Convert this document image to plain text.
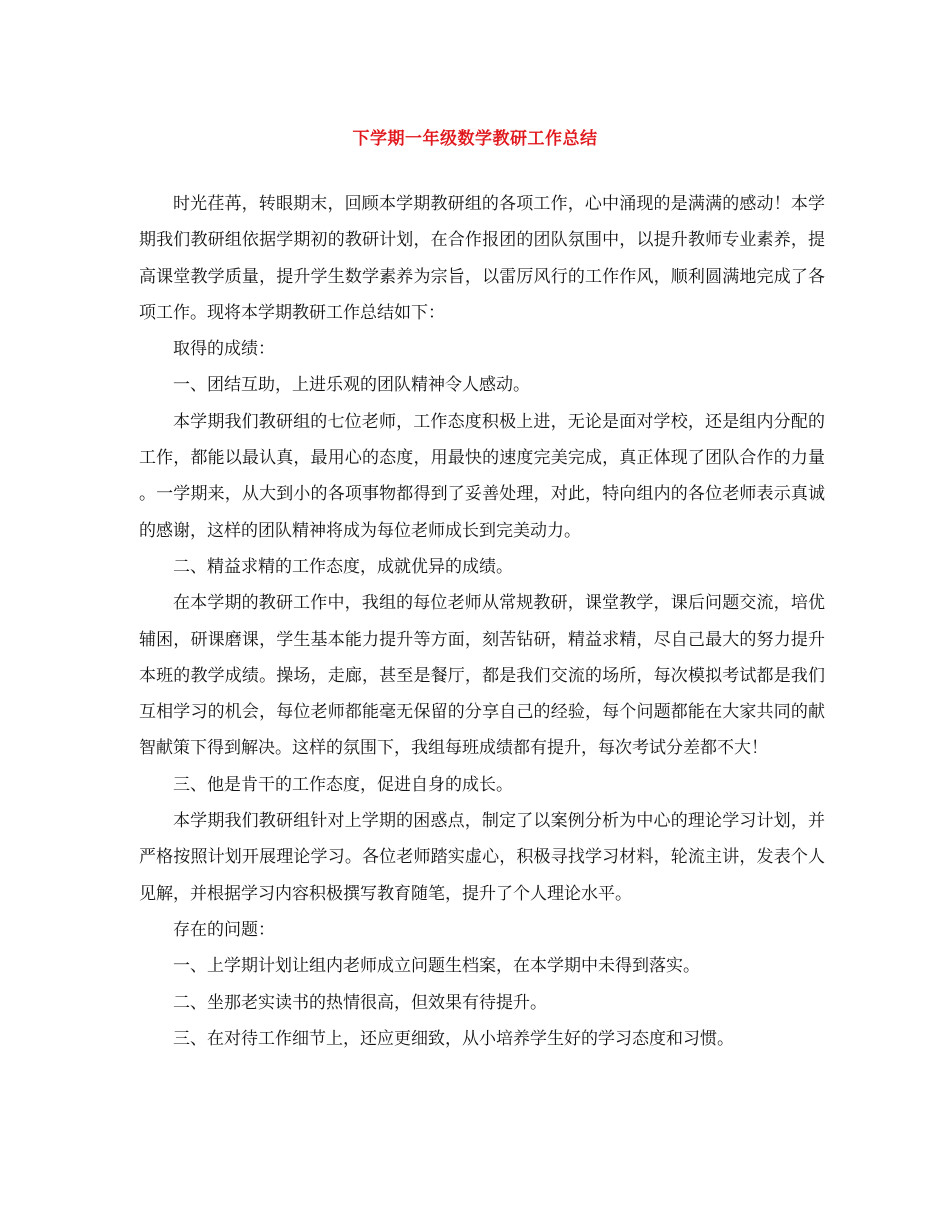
下学期一年级数学教研工作总结

时光荏苒，转眼期末，回顾本学期教研组的各项工作，心中涌现的是满满的感动！本学期我们教研组依据学期初的教研计划，在合作报团的团队氛围中，以提升教师专业素养，提高课堂教学质量，提升学生数学素养为宗旨，以雷厉风行的工作作风，顺利圆满地完成了各项工作。现将本学期教研工作总结如下：

取得的成绩：

一、团结互助，上进乐观的团队精神令人感动。

本学期我们教研组的七位老师，工作态度积极上进，无论是面对学校，还是组内分配的工作，都能以最认真，最用心的态度，用最快的速度完美完成，真正体现了团队合作的力量。一学期来，从大到小的各项事物都得到了妥善处理，对此，特向组内的各位老师表示真诚的感谢，这样的团队精神将成为每位老师成长到完美动力。

二、精益求精的工作态度，成就优异的成绩。

在本学期的教研工作中，我组的每位老师从常规教研，课堂教学，课后问题交流，培优辅困，研课磨课，学生基本能力提升等方面，刻苦钻研，精益求精，尽自己最大的努力提升本班的教学成绩。操场，走廊，甚至是餐厅，都是我们交流的场所，每次模拟考试都是我们互相学习的机会，每位老师都能毫无保留的分享自己的经验，每个问题都能在大家共同的献智献策下得到解决。这样的氛围下，我组每班成绩都有提升，每次考试分差都不大！

三、他是肯干的工作态度，促进自身的成长。

本学期我们教研组针对上学期的困惑点，制定了以案例分析为中心的理论学习计划，并严格按照计划开展理论学习。各位老师踏实虚心，积极寻找学习材料，轮流主讲，发表个人见解，并根据学习内容积极撰写教育随笔，提升了个人理论水平。

存在的问题：

一、上学期计划让组内老师成立问题生档案，在本学期中未得到落实。

二、坐那老实读书的热情很高，但效果有待提升。

三、在对待工作细节上，还应更细致，从小培养学生好的学习态度和习惯。
